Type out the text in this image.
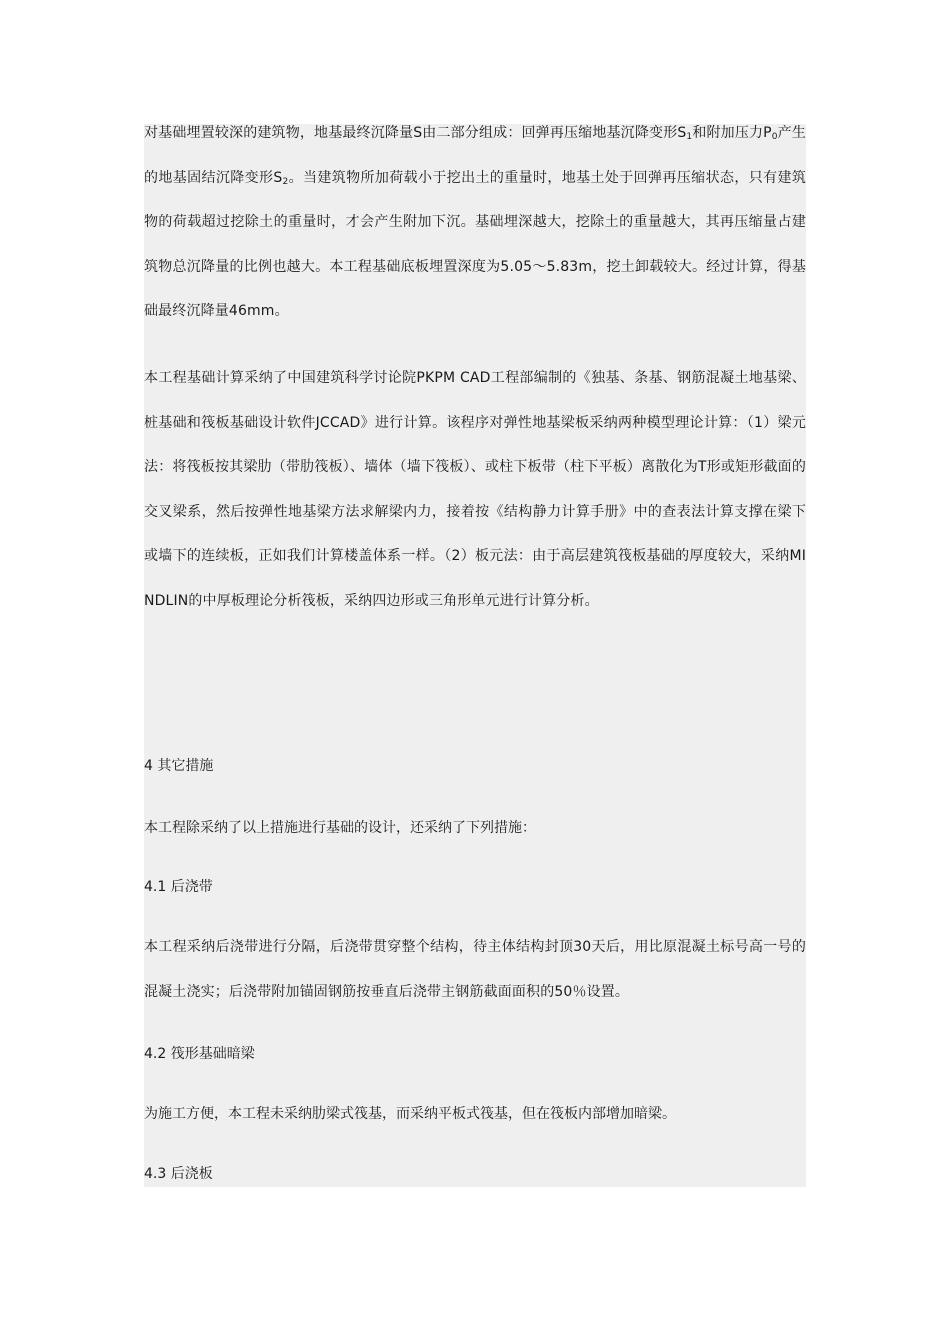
对基础埋置较深的建筑物，地基最终沉降量S由二部分组成：回弹再压缩地基沉降变形$S_1$和附加压力$P_0$产生的地基固结沉降变形$S_2$。当建筑物所加荷载小于挖出土的重量时，地基土处于回弹再压缩状态，只有建筑物的荷载超过挖除土的重量时，才会产生附加下沉。基础埋深越大，挖除土的重量越大，其再压缩量占建筑物总沉降量的比例也越大。本工程基础底板埋置深度为5.05～5.83m，挖土卸载较大。经过计算，得基础最终沉降量46mm。

本工程基础计算采纳了中国建筑科学讨论院PKPM CAD工程部编制的《独基、条基、钢筋混凝土地基梁、桩基础和筏板基础设计软件JCCAD》进行计算。该程序对弹性地基梁板采纳两种模型理论计算：（1）梁元法：将筏板按其梁肋（带肋筏板）、墙体（墙下筏板）、或柱下板带（柱下平板）离散化为T形或矩形截面的交叉梁系，然后按弹性地基梁方法求解梁内力，接着按《结构静力计算手册》中的查表法计算支撑在梁下或墙下的连续板，正如我们计算楼盖体系一样。（2）板元法：由于高层建筑筏板基础的厚度较大，采纳MINDLIN的中厚板理论分析筏板，采纳四边形或三角形单元进行计算分析。

4 其它措施

本工程除采纳了以上措施进行基础的设计，还采纳了下列措施：

4.1 后浇带

本工程采纳后浇带进行分隔，后浇带贯穿整个结构，待主体结构封顶30天后，用比原混凝土标号高一号的混凝土浇实；后浇带附加锚固钢筋按垂直后浇带主钢筋截面面积的50％设置。

4.2 筏形基础暗梁

为施工方便，本工程未采纳肋梁式筏基，而采纳平板式筏基，但在筏板内部增加暗梁。

4.3 后浇板
